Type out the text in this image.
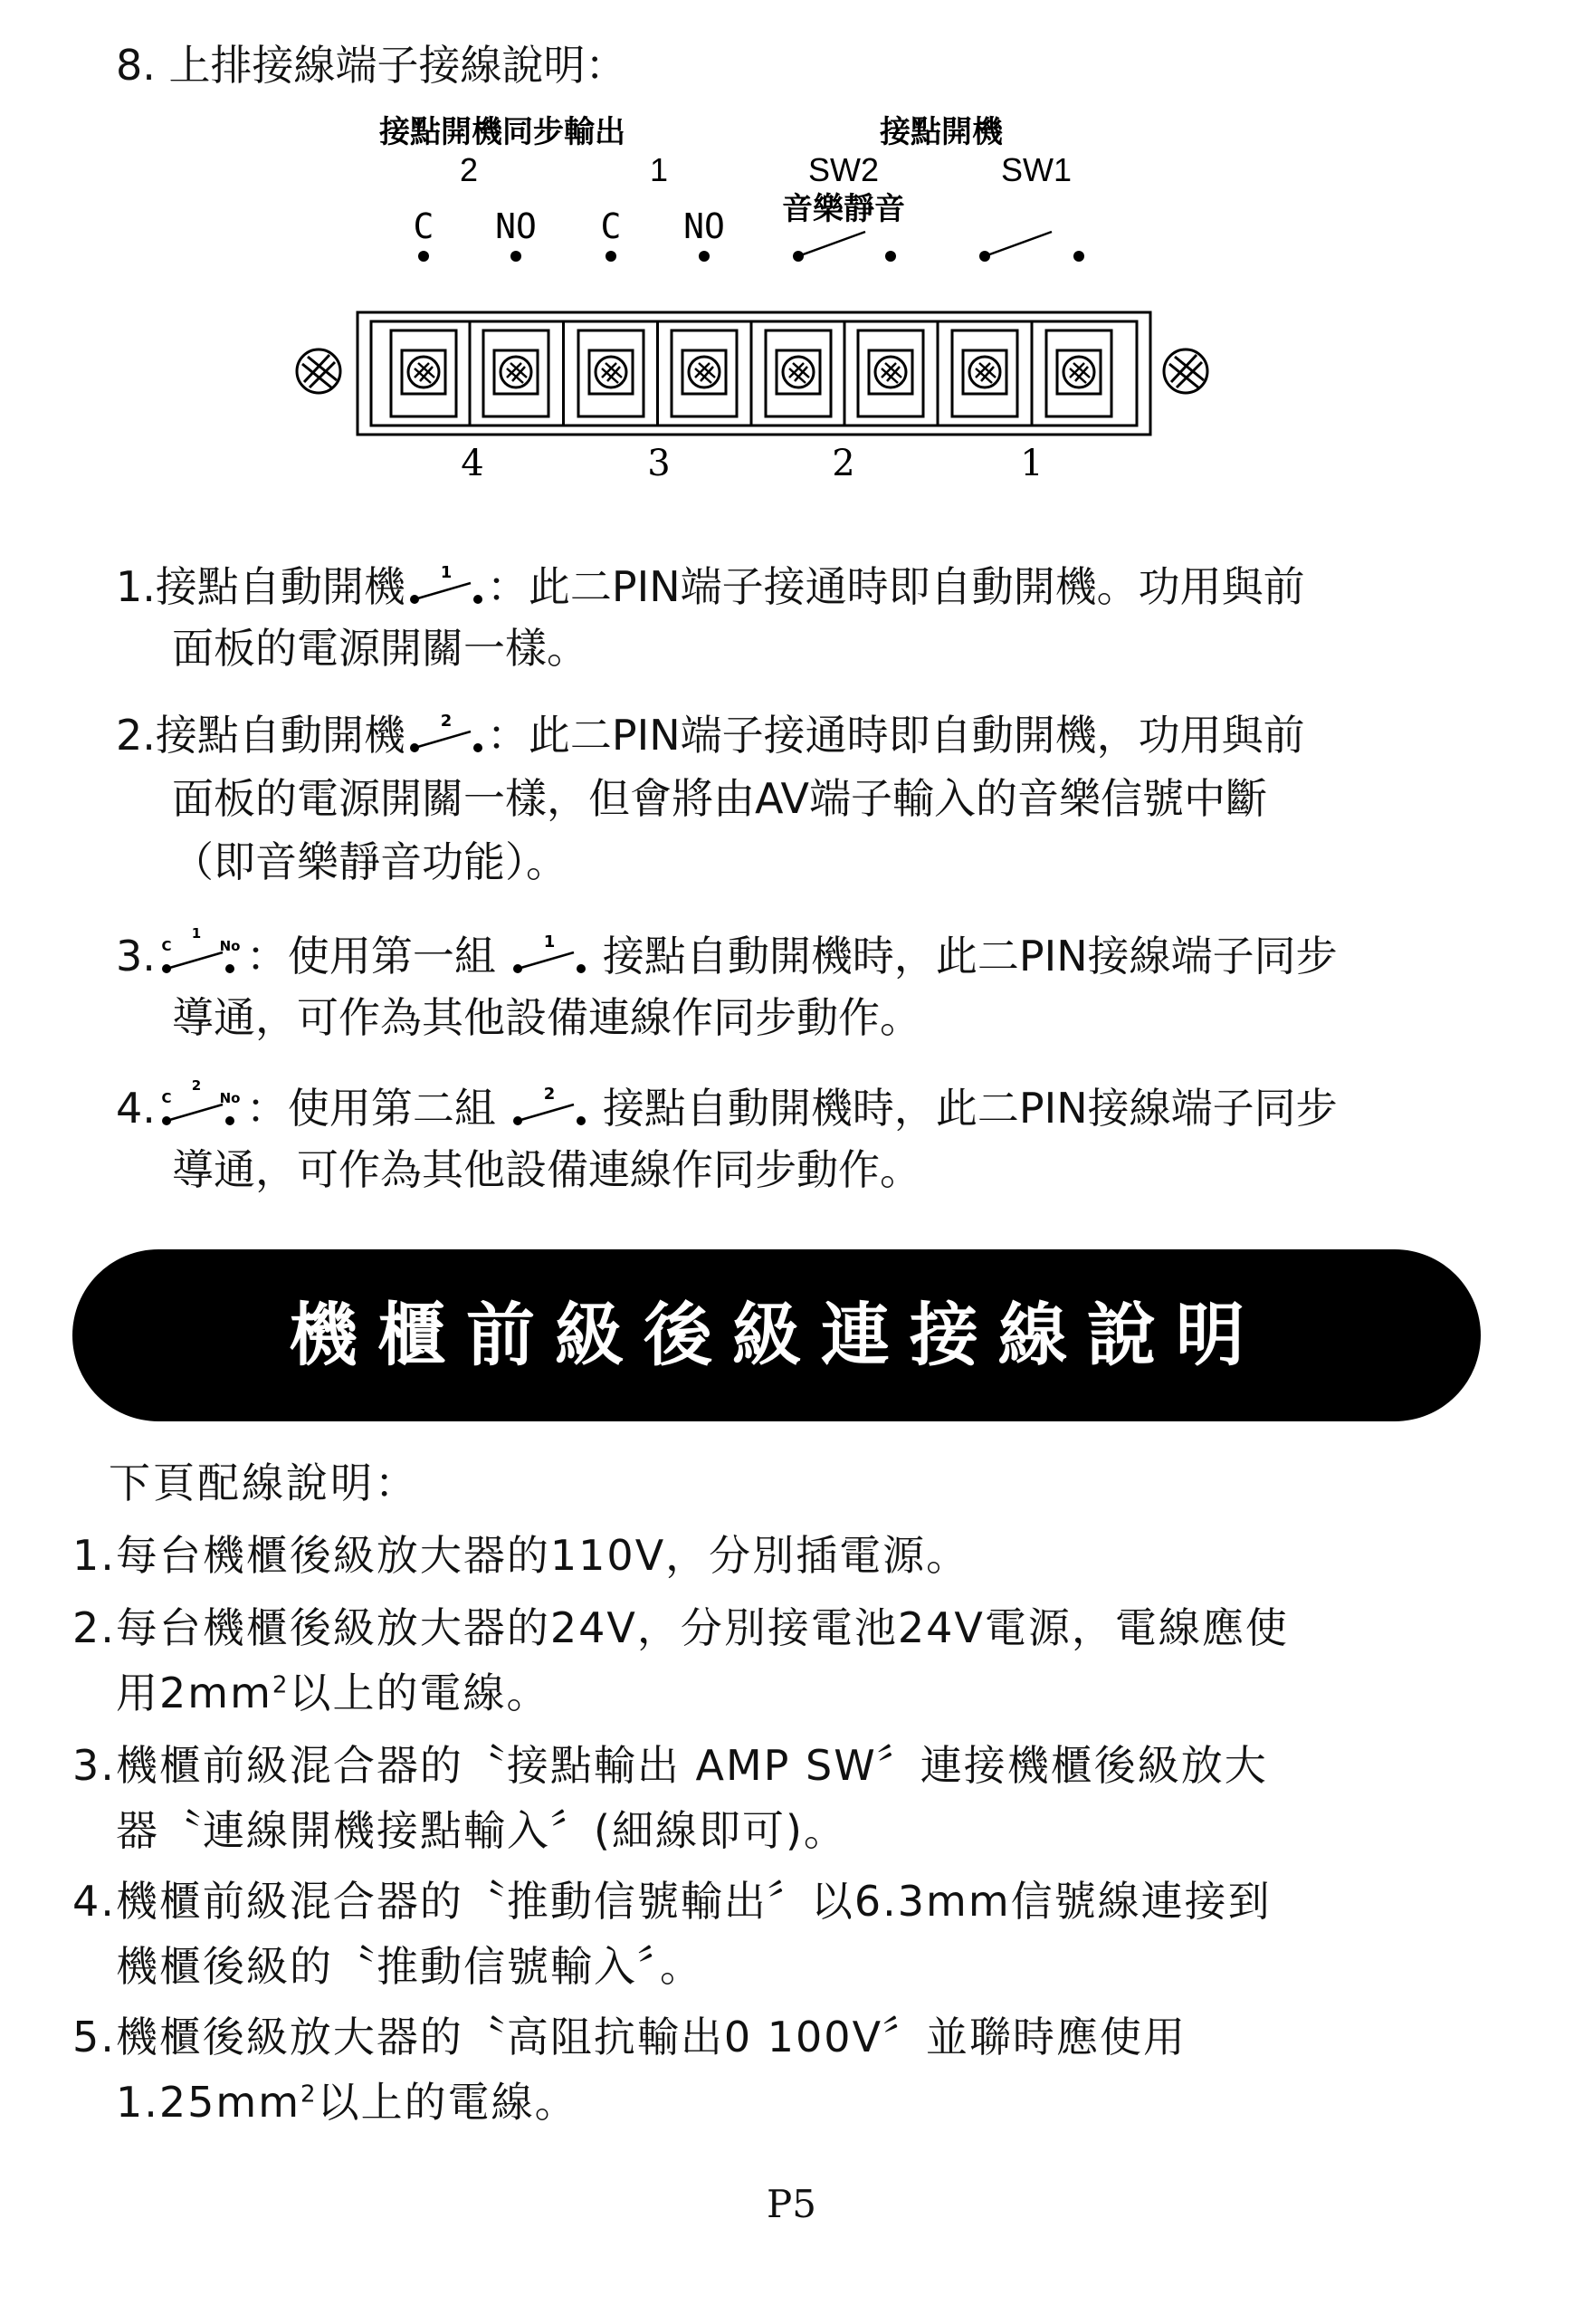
8. 上排接線端子接線說明：
接點開機同步輸出
2	1
接點開機
SW2
音樂靜音
SW1
C NO C NO
4	3	2	1
1.接點自動開機 1 ：此二PIN端子接通時即自動開機。功用與前
面板的電源開關一樣。
2.接點自動開機 2 ：此二PIN端子接通時即自動開機，功用與前
面板的電源開關一樣，但會將由AV端子輸入的音樂信號中斷
（即音樂靜音功能）。
3. C
1
No ：使用第一組	1 接點自動開機時，此二PIN接線端子同步
導通，可作為其他設備連線作同步動作。
4. C
2
No ：使用第二組	2 接點自動開機時，此二PIN接線端子同步
導通，可作為其他設備連線作同步動作。
機櫃前級後級連接線說明
下頁配線說明：
1.每台機櫃後級放大器的110V，分別插電源。
2.每台機櫃後級放大器的24V，分別接電池24V電源，電線應使
用$2mm^2$以上的電線。
3.機櫃前級混合器的〝接點輸出 AMP SW〞連接機櫃後級放大
器〝連線開機接點輸入〞(細線即可)。
4.機櫃前級混合器的〝推動信號輸出〞以6.3mm信號線連接到
機櫃後級的〝推動信號輸入〞。
5.機櫃後級放大器的〝高阻抗輸出0 100V〞並聯時應使用
$1.25mm^2$以上的電線。
P5
